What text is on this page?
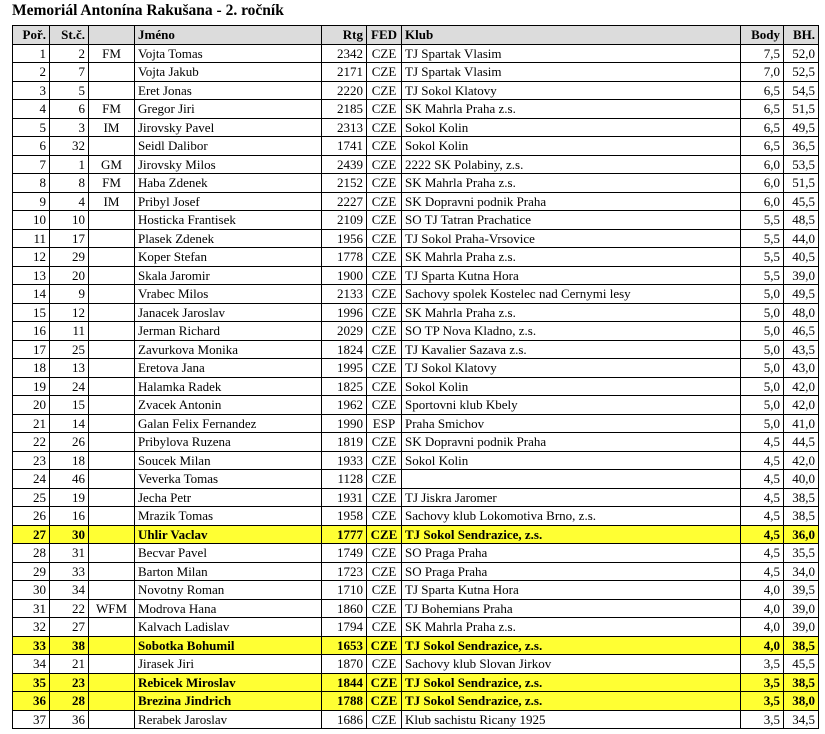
Memoriál Antonína Rakušana - 2. ročník
Poř.	St.č.		Jméno	Rtg	FED	Klub	Body	BH.
1	2	FM	Vojta Tomas	2342	CZE	TJ Spartak Vlasim	7,5	52,0
2	7		Vojta Jakub	2171	CZE	TJ Spartak Vlasim	7,0	52,5
3	5		Eret Jonas	2220	CZE	TJ Sokol Klatovy	6,5	54,5
4	6	FM	Gregor Jiri	2185	CZE	SK Mahrla Praha z.s.	6,5	51,5
5	3	IM	Jirovsky Pavel	2313	CZE	Sokol Kolin	6,5	49,5
6	32		Seidl Dalibor	1741	CZE	Sokol Kolin	6,5	36,5
7	1	GM	Jirovsky Milos	2439	CZE	2222 SK Polabiny, z.s.	6,0	53,5
8	8	FM	Haba Zdenek	2152	CZE	SK Mahrla Praha z.s.	6,0	51,5
9	4	IM	Pribyl Josef	2227	CZE	SK Dopravni podnik Praha	6,0	45,5
10	10		Hosticka Frantisek	2109	CZE	SO TJ Tatran Prachatice	5,5	48,5
11	17		Plasek Zdenek	1956	CZE	TJ Sokol Praha-Vrsovice	5,5	44,0
12	29		Koper Stefan	1778	CZE	SK Mahrla Praha z.s.	5,5	40,5
13	20		Skala Jaromir	1900	CZE	TJ Sparta Kutna Hora	5,5	39,0
14	9		Vrabec Milos	2133	CZE	Sachovy spolek Kostelec nad Cernymi lesy	5,0	49,5
15	12		Janacek Jaroslav	1996	CZE	SK Mahrla Praha z.s.	5,0	48,0
16	11		Jerman Richard	2029	CZE	SO TP Nova Kladno, z.s.	5,0	46,5
17	25		Zavurkova Monika	1824	CZE	TJ Kavalier Sazava z.s.	5,0	43,5
18	13		Eretova Jana	1995	CZE	TJ Sokol Klatovy	5,0	43,0
19	24		Halamka Radek	1825	CZE	Sokol Kolin	5,0	42,0
20	15		Zvacek Antonin	1962	CZE	Sportovni klub Kbely	5,0	42,0
21	14		Galan Felix Fernandez	1990	ESP	Praha Smichov	5,0	41,0
22	26		Pribylova Ruzena	1819	CZE	SK Dopravni podnik Praha	4,5	44,5
23	18		Soucek Milan	1933	CZE	Sokol Kolin	4,5	42,0
24	46		Veverka Tomas	1128	CZE		4,5	40,0
25	19		Jecha Petr	1931	CZE	TJ Jiskra Jaromer	4,5	38,5
26	16		Mrazik Tomas	1958	CZE	Sachovy klub Lokomotiva Brno, z.s.	4,5	38,5
27	30		Uhlir Vaclav	1777	CZE	TJ Sokol Sendrazice, z.s.	4,5	36,0
28	31		Becvar Pavel	1749	CZE	SO Praga Praha	4,5	35,5
29	33		Barton Milan	1723	CZE	SO Praga Praha	4,5	34,0
30	34		Novotny Roman	1710	CZE	TJ Sparta Kutna Hora	4,0	39,5
31	22	WFM	Modrova Hana	1860	CZE	TJ Bohemians Praha	4,0	39,0
32	27		Kalvach Ladislav	1794	CZE	SK Mahrla Praha z.s.	4,0	39,0
33	38		Sobotka Bohumil	1653	CZE	TJ Sokol Sendrazice, z.s.	4,0	38,5
34	21		Jirasek Jiri	1870	CZE	Sachovy klub Slovan Jirkov	3,5	45,5
35	23		Rebicek Miroslav	1844	CZE	TJ Sokol Sendrazice, z.s.	3,5	38,5
36	28		Brezina Jindrich	1788	CZE	TJ Sokol Sendrazice, z.s.	3,5	38,0
37	36		Rerabek Jaroslav	1686	CZE	Klub sachistu Ricany 1925	3,5	34,5
